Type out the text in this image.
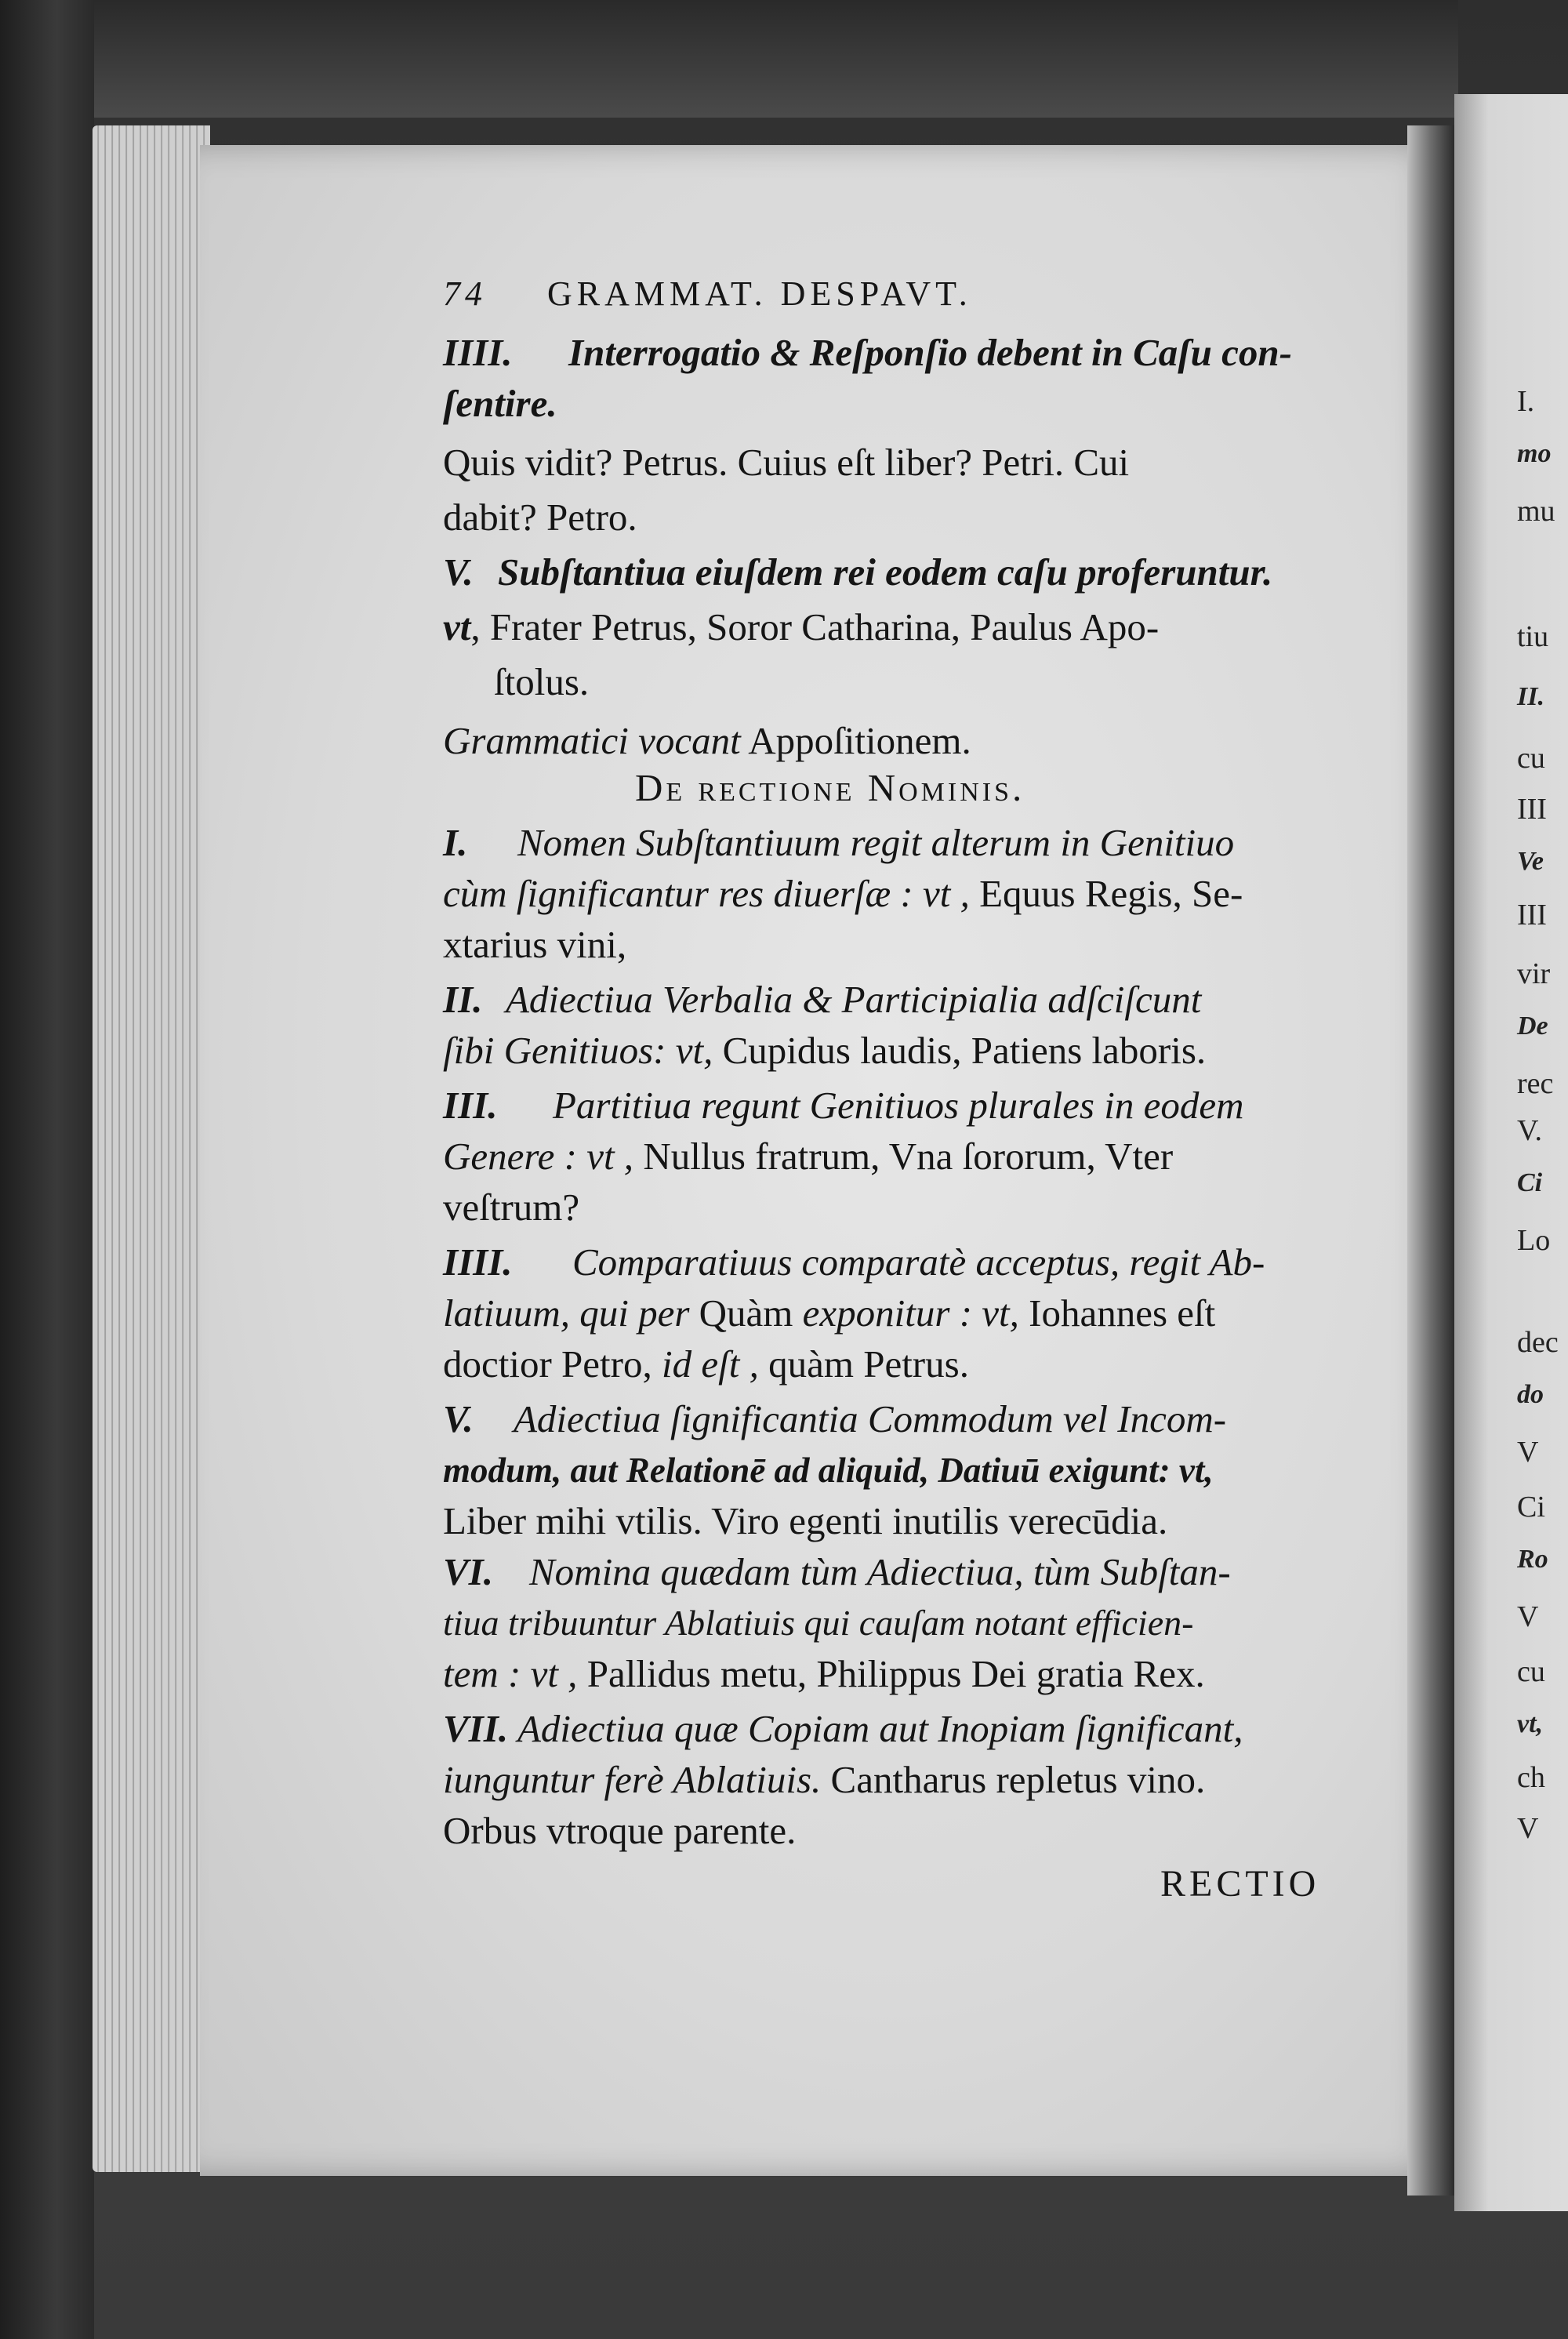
I.
mo
mu
tiu
II.
cu
III
Ve
III
vir
De
rec
V.
Ci
Lo
dec
do
V
Ci
Ro
V
cu
vt,
ch
V
74 GRAMMAT. DESPAVT.
IIII. Interrogatio & Reſponſio debent in Caſu con-
ſentire.
Quis vidit? Petrus. Cuius eſt liber? Petri. Cui
dabit? Petro.
V. Subſtantiua eiuſdem rei eodem caſu proferuntur.
vt, Frater Petrus, Soror Catharina, Paulus Apo-
ſtolus.
Grammatici vocant Appoſitionem.
De rectione Nominis.
I. Nomen Subſtantiuum regit alterum in Genitiuo
cùm ſignificantur res diuerſæ : vt , Equus Regis, Se-
xtarius vini,
II. Adiectiua Verbalia & Participialia adſciſcunt
ſibi Genitiuos: vt, Cupidus laudis, Patiens laboris.
III. Partitiua regunt Genitiuos plurales in eodem
Genere : vt , Nullus fratrum, Vna ſororum, Vter
veſtrum?
IIII. Comparatiuus comparatè acceptus, regit Ab-
latiuum, qui per Quàm exponitur : vt, Iohannes eſt
doctior Petro, id eſt , quàm Petrus.
V. Adiectiua ſignificantia Commodum vel Incom-
modum, aut Relationē ad aliquid, Datiuū exigunt: vt,
Liber mihi vtilis. Viro egenti inutilis verecūdia.
VI. Nomina quædam tùm Adiectiua, tùm Subſtan-
tiua tribuuntur Ablatiuis qui cauſam notant efficien-
tem : vt , Pallidus metu, Philippus Dei gratia Rex.
VII. Adiectiua quæ Copiam aut Inopiam ſignificant,
iunguntur ferè Ablatiuis. Cantharus repletus vino.
Orbus vtroque parente.
RECTIO
